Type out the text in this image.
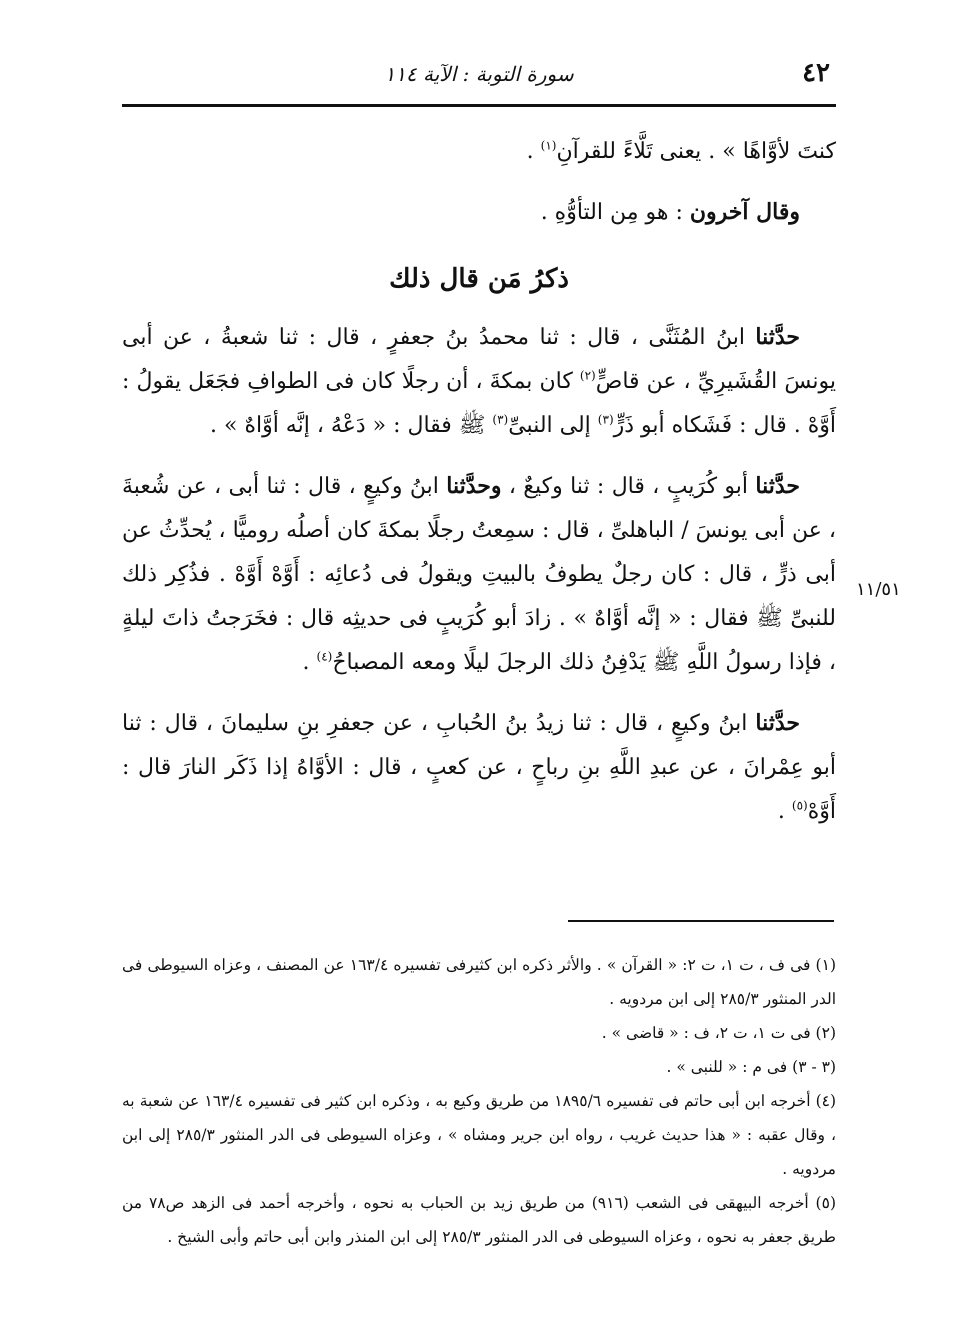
٤٢
سورة التوبة : الآية ١١٤

كنتَ لأوَّاهًا » . يعنى تَلَّاءً للقرآنِ$^{(١)}$ .

وقال آخرون : هو مِن التأوُّهِ .

ذكرُ مَن قال ذلك

حدَّثنا ابنُ المُثَنَّى ، قال : ثنا محمدُ بنُ جعفرٍ ، قال : ثنا شعبةُ ، عن أبى يونسَ القُشَيرِيِّ ، عن قاصٍّ$^{(٢)}$ كان بمكةَ ، أن رجلًا كان فى الطوافِ فجَعَل يقولُ : أَوَّهْ . قال : فَشَكاه أبو ذَرٍّ$^{(٣)}$ إلى النبىِّ$^{(٣)}$ ﷺ فقال : « دَعْهُ ، إنَّه أوَّاهٌ » .

حدَّثنا أبو كُرَيبٍ ، قال : ثنا وكيعٌ ، وحدَّثنا ابنُ وكيعٍ ، قال : ثنا أبى ، عن شُعبةَ ، عن أبى يونسَ / الباهلىِّ ، قال : سمِعتُ رجلًا بمكةَ كان أصلُه روميًّا ، يُحدِّثُ عن أبى ذرٍّ ، قال : كان رجلٌ يطوفُ بالبيتِ ويقولُ فى دُعائِه : أَوَّهْ أَوَّهْ . فذُكِر ذلك للنبىِّ ﷺ فقال : « إنَّه أوَّاهٌ » . زادَ أبو كُرَيبٍ فى حديثِه قال : فخَرَجتُ ذاتَ ليلةٍ ، فإذا رسولُ اللَّهِ ﷺ يَدْفِنُ ذلك الرجلَ ليلًا ومعه المصباحُ$^{(٤)}$ .

حدَّثنا ابنُ وكيعٍ ، قال : ثنا زيدُ بنُ الحُبابِ ، عن جعفرِ بنِ سليمانَ ، قال : ثنا أبو عِمْرانَ ، عن عبدِ اللَّهِ بنِ رباحٍ ، عن كعبٍ ، قال : الأوَّاهُ إذا ذَكَر النارَ قال : أَوَّهْ$^{(٥)}$ .

١١/٥١

(١) فى ف ، ت ١، ت ٢: « القرآن » . والأثر ذكره ابن كثيرفى تفسيره ١٦٣/٤ عن المصنف ، وعزاه السيوطى فى الدر المنثور ٢٨٥/٣ إلى ابن مردويه .

(٢) فى ت ١، ت ٢، ف : « قاضى » .

(٣ - ٣) فى م : « للنبى » .

(٤) أخرجه ابن أبى حاتم فى تفسيره ١٨٩٥/٦ من طريق وكيع به ، وذكره ابن كثير فى تفسيره ١٦٣/٤ عن شعبة به ، وقال عقبه : « هذا حديث غريب ، رواه ابن جرير ومشاه » ، وعزاه السيوطى فى الدر المنثور ٢٨٥/٣ إلى ابن مردويه .

(٥) أخرجه البيهقى فى الشعب (٩١٦) من طريق زيد بن الحباب به نحوه ، وأخرجه أحمد فى الزهد ص٧٨ من طريق جعفر به نحوه ، وعزاه السيوطى فى الدر المنثور ٢٨٥/٣ إلى ابن المنذر وابن أبى حاتم وأبى الشيخ .
